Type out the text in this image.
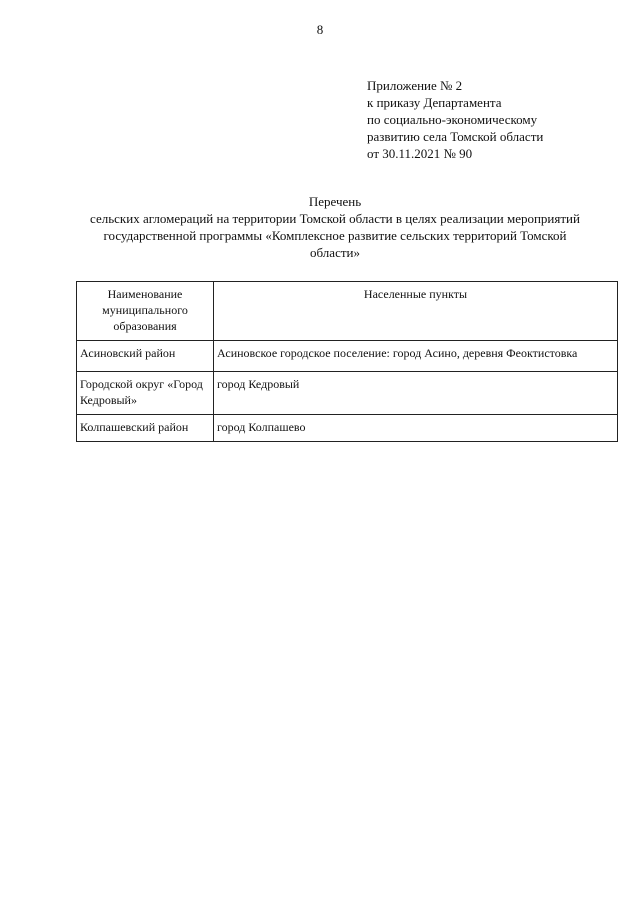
8
Приложение № 2
к приказу Департамента
по социально-экономическому
развитию села Томской области
от 30.11.2021 № 90
Перечень
сельских агломераций на территории Томской области в целях реализации мероприятий
государственной программы «Комплексное развитие сельских территорий Томской
области»
Наименование муниципального образования	Населенные пункты
Асиновский район	Асиновское городское поселение: город Асино, деревня Феоктистовка
Городской округ «Город Кедровый»	город Кедровый
Колпашевский район	город Колпашево
